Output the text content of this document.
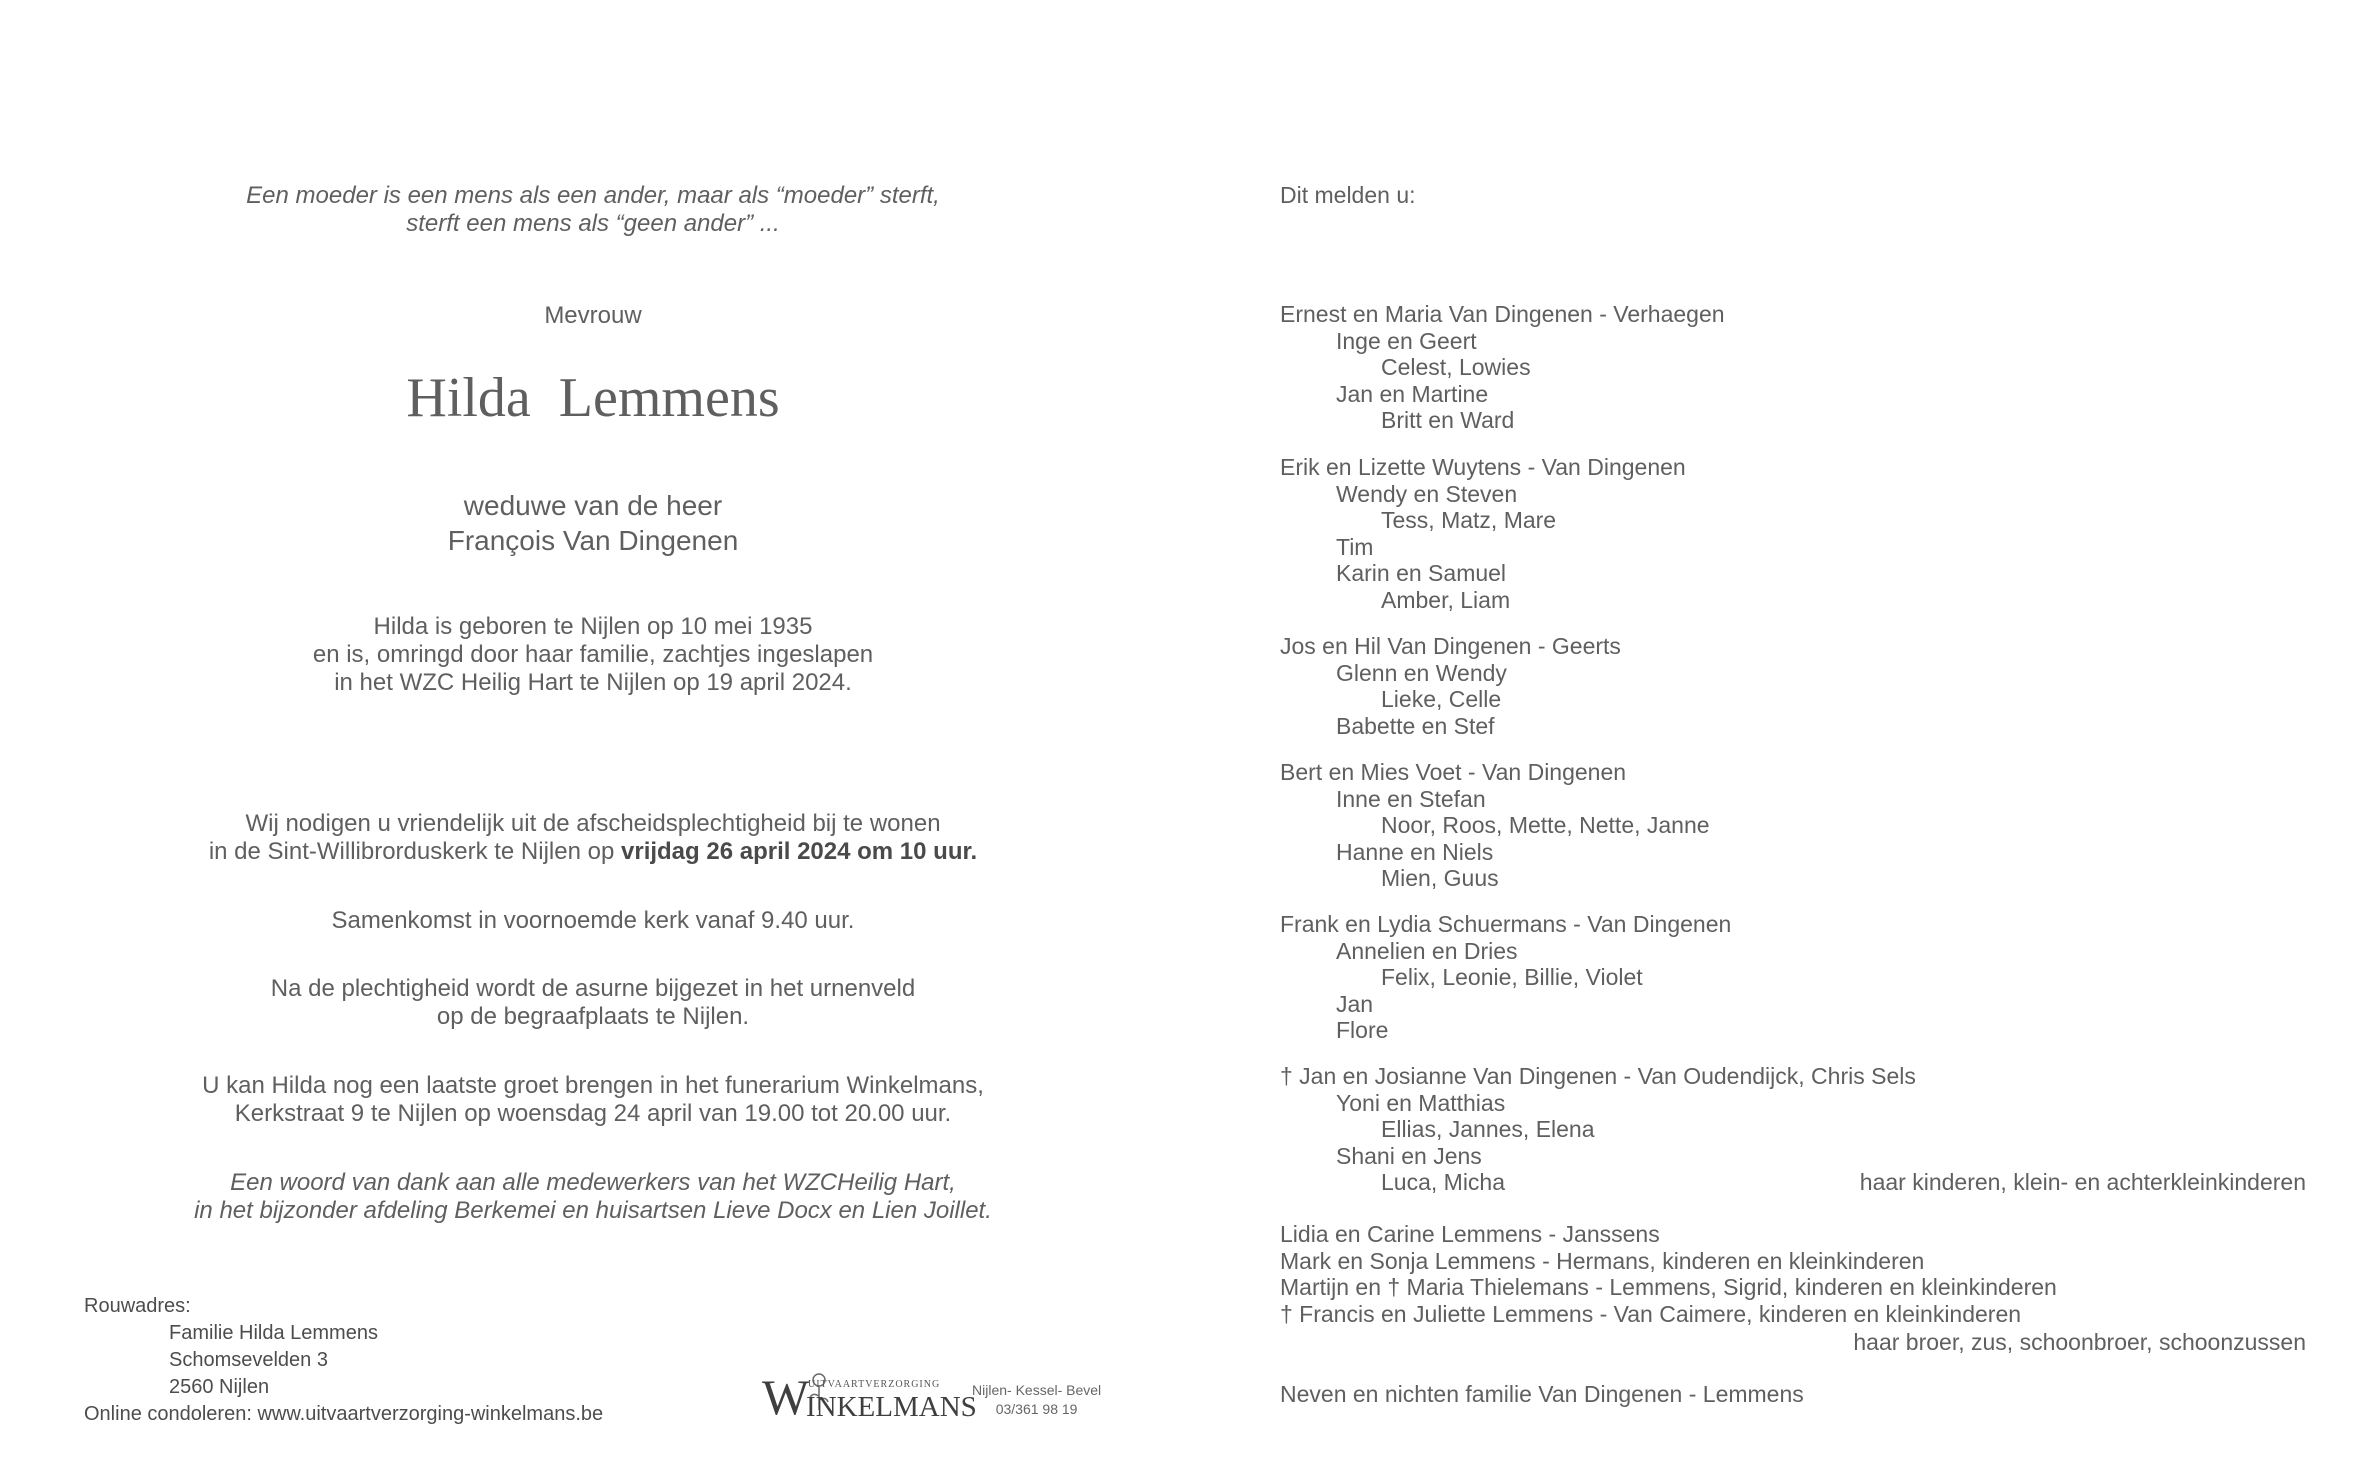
Een moeder is een mens als een ander, maar als “moeder” sterft,
sterft een mens als “geen ander” ...
Mevrouw
Hilda  Lemmens
weduwe van de heer
François Van Dingenen
Hilda is geboren te Nijlen op 10 mei 1935
en is, omringd door haar familie, zachtjes ingeslapen
in het WZC Heilig Hart te Nijlen op 19 april 2024.
Wij nodigen u vriendelijk uit de afscheidsplechtigheid bij te wonen
in de Sint-Willibrorduskerk te Nijlen op vrijdag 26 april 2024 om 10 uur.
Samenkomst in voornoemde kerk vanaf 9.40 uur.
Na de plechtigheid wordt de asurne bijgezet in het urnenveld
op de begraafplaats te Nijlen.
U kan Hilda nog een laatste groet brengen in het funerarium Winkelmans,
Kerkstraat 9 te Nijlen op woensdag 24 april van 19.00 tot 20.00 uur.
Een woord van dank aan alle medewerkers van het WZCHeilig Hart,
in het bijzonder afdeling Berkemei en huisartsen Lieve Docx en Lien Joillet.
Rouwadres:
Familie Hilda Lemmens
Schomsevelden 3
2560 Nijlen
Online condoleren: www.uitvaartverzorging-winkelmans.be	W
UITVAARTVERZORGING
INKELMANS
Nijlen- Kessel- Bevel
03/361 98 19
Dit melden u:
Ernest en Maria Van Dingenen - Verhaegen
Inge en Geert
Celest, Lowies
Jan en Martine
Britt en Ward
Erik en Lizette Wuytens - Van Dingenen
Wendy en Steven
Tess, Matz, Mare
Tim
Karin en Samuel
Amber, Liam
Jos en Hil Van Dingenen - Geerts
Glenn en Wendy
Lieke, Celle
Babette en Stef
Bert en Mies Voet - Van Dingenen
Inne en Stefan
Noor, Roos, Mette, Nette, Janne
Hanne en Niels
Mien, Guus
Frank en Lydia Schuermans - Van Dingenen
Annelien en Dries
Felix, Leonie, Billie, Violet
Jan
Flore
† Jan en Josianne Van Dingenen - Van Oudendijck, Chris Sels
Yoni en Matthias
Ellias, Jannes, Elena
Shani en Jens
Luca, Micha	haar kinderen, klein- en achterkleinkinderen
Lidia en Carine Lemmens - Janssens
Mark en Sonja Lemmens - Hermans, kinderen en kleinkinderen
Martijn en † Maria Thielemans - Lemmens, Sigrid, kinderen en kleinkinderen
† Francis en Juliette Lemmens - Van Caimere, kinderen en kleinkinderen
haar broer, zus, schoonbroer, schoonzussen
Neven en nichten familie Van Dingenen - Lemmens
